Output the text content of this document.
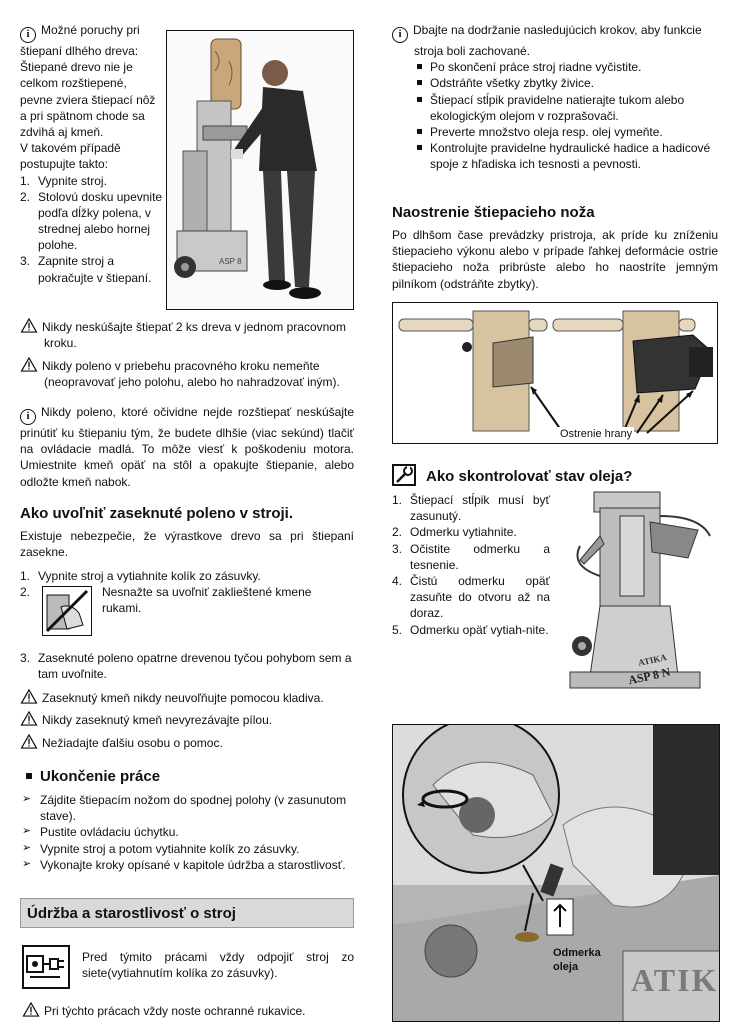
i Možné poruchy pri
štiepaní dlhého dreva:
Štiepané drevo nie je
celkom rozštiepené,
pevne zviera štiepací nôž
a pri spätnom chode sa
zdvihá aj kmeň.
V takovém případě
postupujte takto:
1. Vypnite stroj.
2. Stolovú dosku upevnite podľa dĺžky polena, v strednej alebo hornej polohe.
3. Zapnite stroj a pokračujte v štiepaní.
ASP 8
Nikdy neskúšajte štiepať 2 ks dreva v jednom pracovnom kroku.
Nikdy poleno v priebehu pracovného kroku nemeňte (neopravovať jeho polohu, alebo ho nahradzovať iným).
i Nikdy poleno, ktoré očividne nejde rozštiepať neskúšajte prinútiť ku štiepaniu tým, že budete dlhšie (viac sekúnd) tlačiť na ovládacie madlá. To môže viesť k poškodeniu motora. Umiestnite kmeň opäť na stôl a opakujte štiepanie, alebo odložte kmeň nabok.
Ako uvoľniť zaseknuté poleno v stroji.
Existuje nebezpečie, že výrastkove drevo sa pri štiepaní zasekne.
1. Vypnite stroj a vytiahnite kolík zo zásuvky.
2.	Nesnažte sa uvoľniť zaklieštené kmene rukami.
3. Zaseknuté poleno opatrne drevenou tyčou pohybom sem a tam uvoľnite.
Zaseknutý kmeň nikdy neuvoľňujte pomocou kladiva.
Nikdy zaseknutý kmeň nevyrezávajte pílou.
Nežiadajte ďalšiu osobu o pomoc.
Ukončenie práce
➢ Zájdite štiepacím nožom do spodnej polohy (v zasunutom stave).
➢ Pustite ovládaciu úchytku.
➢ Vypnite stroj a potom vytiahnite kolík zo zásuvky.
➢ Vykonajte kroky opísané v kapitole údržba a starostlivosť.
Údržba a starostlivosť o stroj
Pred týmito prácami vždy odpojiť stroj zo siete(vytiahnutím kolíka zo zásuvky).
Pri týchto prácach vždy noste ochranné rukavice.
i Dbajte na dodržanie nasledujúcich krokov, aby funkcie stroja boli zachované.
Po skončení práce stroj riadne vyčistite.
Odstráňte všetky zbytky živice.
Štiepací stĺpik pravidelne natierajte tukom alebo ekologickým olejom v rozprašovači.
Preverte množstvo oleja resp. olej vymeňte.
Kontrolujte pravidelne hydraulické hadice a hadicové spoje z hľadiska ich tesnosti a pevnosti.
Naostrenie štiepacieho noža
Po dlhšom čase prevádzky pristroja, ak príde ku zníženiu štiepacieho výkonu alebo v prípade ľahkej deformácie ostrie štiepacieho noža pribrúste alebo ho naostríte jemným pilníkom (odstráňte zbytky).
Ostrenie hrany
Ako skontrolovať stav oleja?
1. Štiepací stĺpik musí byť zasunutý.
2. Odmerku vytiahnite.
3. Očistite odmerku a tesnenie.
4. Čistú odmerku opäť zasuňte do otvoru až na doraz.
5. Odmerku opäť vytiah-nite.
ATIKA
ASP 8 N
Odmerka oleja	ATIK
